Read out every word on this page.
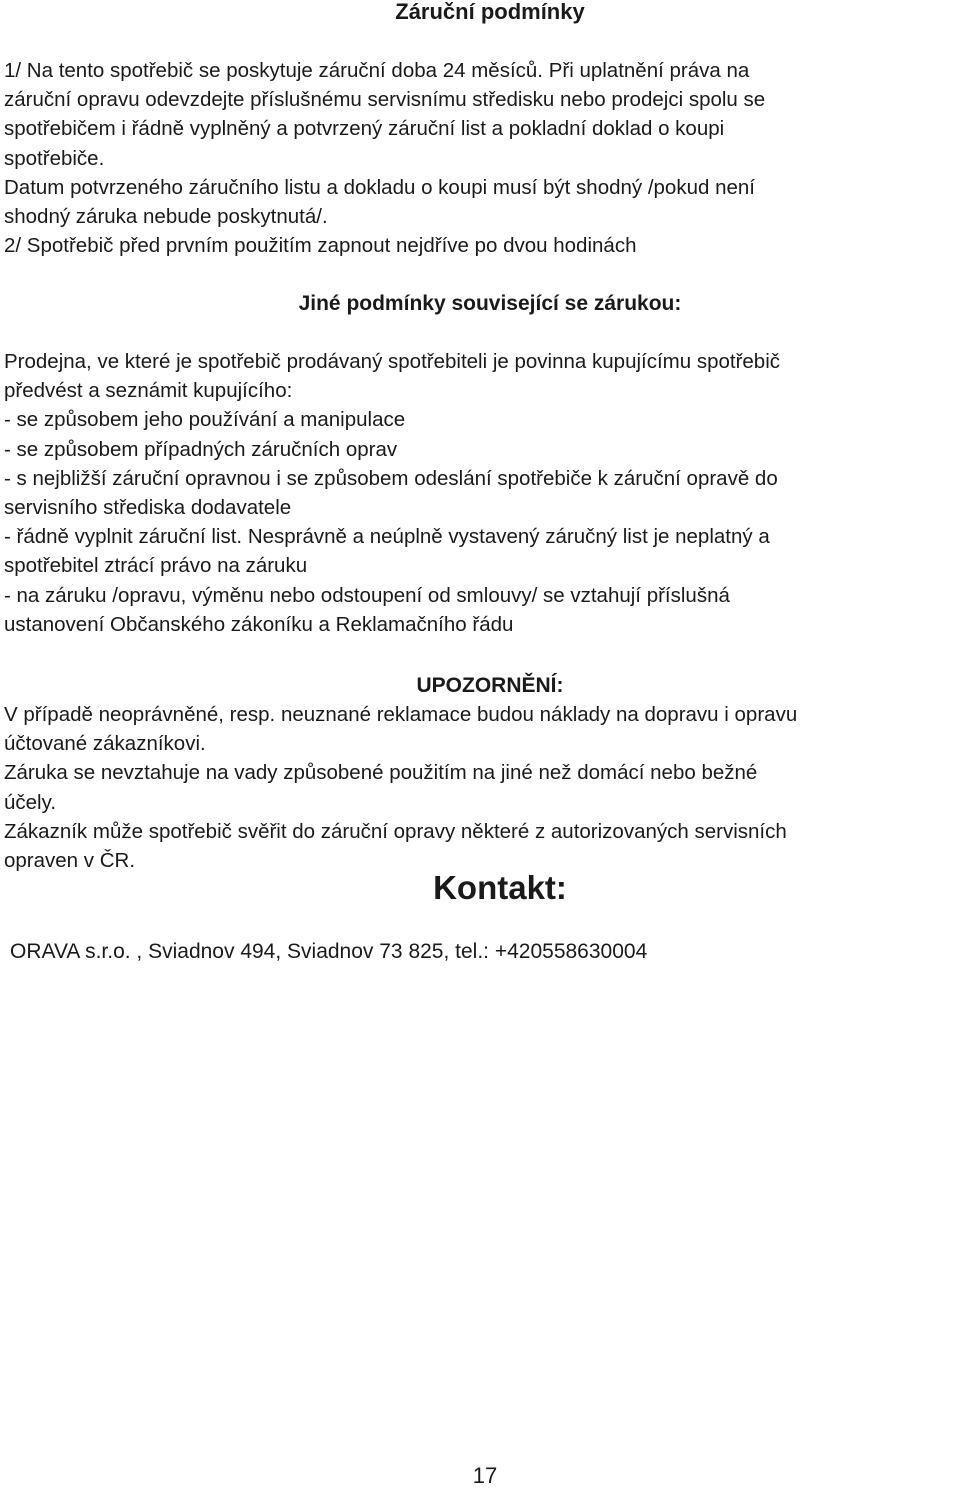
Záruční podmínky
1/ Na tento spotřebič se poskytuje záruční doba 24 měsíců. Při uplatnění práva na
záruční opravu odevzdejte příslušnému servisnímu středisku nebo prodejci spolu se
spotřebičem i řádně vyplněný a potvrzený záruční list a pokladní doklad o koupi
spotřebiče.
Datum potvrzeného záručního listu a dokladu o koupi musí být shodný /pokud není
shodný záruka nebude poskytnutá/.
2/ Spotřebič před prvním použitím zapnout nejdříve po dvou hodinách
Jiné podmínky související se zárukou:
Prodejna, ve které je spotřebič prodávaný spotřebiteli je povinna kupujícímu spotřebič
předvést a seznámit kupujícího:
- se způsobem jeho používání a manipulace
- se způsobem případných záručních oprav
- s nejbližší záruční opravnou i se způsobem odeslání spotřebiče k záruční opravě do
servisního střediska dodavatele
- řádně vyplnit záruční list. Nesprávně a neúplně vystavený záručný list je neplatný a
spotřebitel ztrácí právo na záruku
- na záruku /opravu, výměnu nebo odstoupení od smlouvy/ se vztahují příslušná
ustanovení Občanského zákoníku a Reklamačního řádu
UPOZORNĚNÍ:
V případě neoprávněné, resp. neuznané reklamace budou náklady na dopravu i opravu
účtované zákazníkovi.
Záruka se nevztahuje na vady způsobené použitím na jiné než domácí nebo bežné
účely.
Zákazník může spotřebič svěřit do záruční opravy některé z autorizovaných servisních
opraven v ČR.
Kontakt:
ORAVA s.r.o. , Sviadnov 494, Sviadnov 73 825, tel.: +420558630004
17
